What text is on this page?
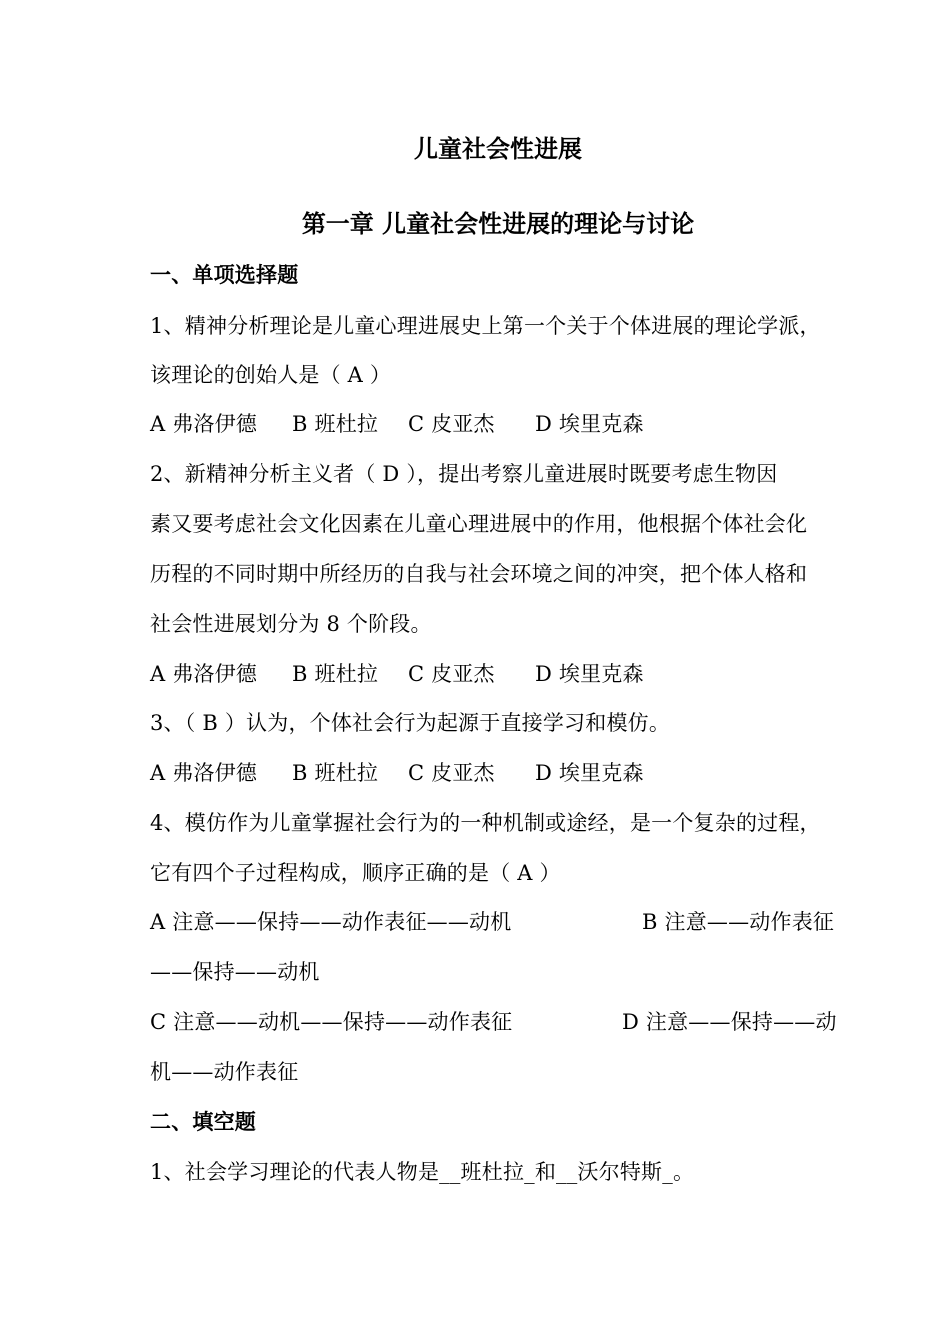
儿童社会性进展
第一章 儿童社会性进展的理论与讨论
一、单项选择题
1、精神分析理论是儿童心理进展史上第一个关于个体进展的理论学派，
该理论的创始人是（ A ）
A 弗洛伊德 B 班杜拉 C 皮亚杰 D 埃里克森
2、新精神分析主义者（ D ），提出考察儿童进展时既要考虑生物因
素又要考虑社会文化因素在儿童心理进展中的作用，他根据个体社会化
历程的不同时期中所经历的自我与社会环境之间的冲突，把个体人格和
社会性进展划分为 8 个阶段。
A 弗洛伊德 B 班杜拉 C 皮亚杰 D 埃里克森
3、（ B ）认为，个体社会行为起源于直接学习和模仿。
A 弗洛伊德 B 班杜拉 C 皮亚杰 D 埃里克森
4、模仿作为儿童掌握社会行为的一种机制或途经，是一个复杂的过程，
它有四个子过程构成，顺序正确的是（ A ）
A 注意——保持——动作表征——动机	B 注意——动作表征
——保持——动机
C 注意——动机——保持——动作表征	D 注意——保持——动
机——动作表征
二、填空题
1、社会学习理论的代表人物是__班杜拉_和__沃尔特斯_。
